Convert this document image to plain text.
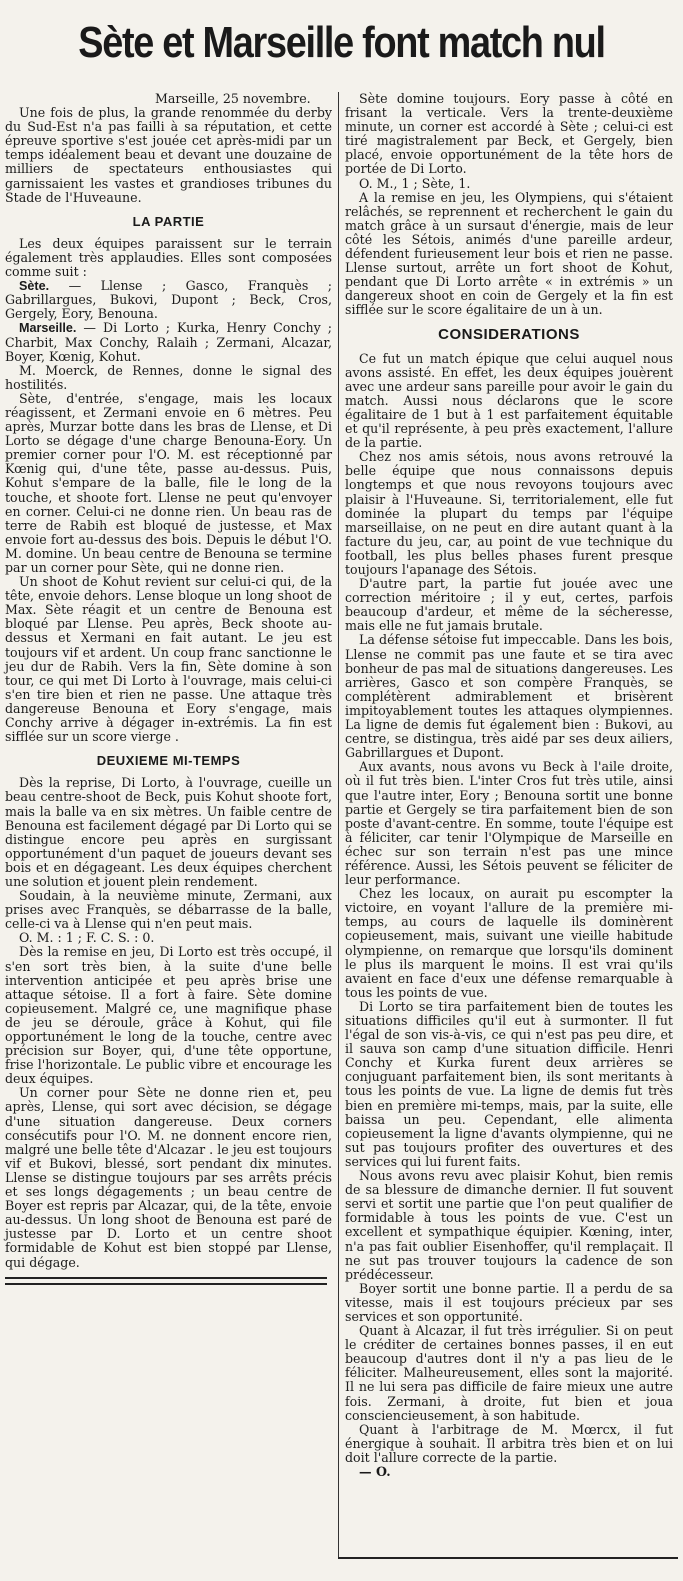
Sète et Marseille font match nul

Marseille, 25 novembre.

Une fois de plus, la grande renommée du derby du Sud-Est n'a pas failli à sa réputation, et cette épreuve sportive s'est jouée cet après-midi par un temps idéalement beau et devant une douzaine de milliers de spectateurs enthousiastes qui garnissaient les vastes et grandioses tribunes du Stade de l'Huveaune.

LA PARTIE

Les deux équipes paraissent sur le terrain également très applaudies. Elles sont composées comme suit :

Sète. — Llense ; Gasco, Franquès ; Gabrillargues, Bukovi, Dupont ; Beck, Cros, Gergely, Eory, Benouna.

Marseille. — Di Lorto ; Kurka, Henry Conchy ; Charbit, Max Conchy, Ralaih ; Zermani, Alcazar, Boyer, Kœnig, Kohut.

M. Moerck, de Rennes, donne le signal des hostilités.

Sète, d'entrée, s'engage, mais les locaux réagissent, et Zermani envoie en 6 mètres. Peu après, Murzar botte dans les bras de Llense, et Di Lorto se dégage d'une charge Benouna-Eory. Un premier corner pour l'O. M. est réceptionné par Kœnig qui, d'une tête, passe au-dessus. Puis, Kohut s'empare de la balle, file le long de la touche, et shoote fort. Llense ne peut qu'envoyer en corner. Celui-ci ne donne rien. Un beau ras de terre de Rabih est bloqué de justesse, et Max envoie fort au-dessus des bois. Depuis le début l'O. M. domine. Un beau centre de Benouna se termine par un corner pour Sète, qui ne donne rien.

Un shoot de Kohut revient sur celui-ci qui, de la tête, envoie dehors. Lense bloque un long shoot de Max. Sète réagit et un centre de Benouna est bloqué par Llense. Peu après, Beck shoote au-dessus et Xermani en fait autant. Le jeu est toujours vif et ardent. Un coup franc sanctionne le jeu dur de Rabih. Vers la fin, Sète domine à son tour, ce qui met Di Lorto à l'ouvrage, mais celui-ci s'en tire bien et rien ne passe. Une attaque très dangereuse Benouna et Eory s'engage, mais Conchy arrive à dégager in-extrémis. La fin est sifflée sur un score vierge .

DEUXIEME MI-TEMPS

Dès la reprise, Di Lorto, à l'ouvrage, cueille un beau centre-shoot de Beck, puis Kohut shoote fort, mais la balle va en six mètres. Un faible centre de Benouna est facilement dégagé par Di Lorto qui se distingue encore peu après en surgissant opportunément d'un paquet de joueurs devant ses bois et en dégageant. Les deux équipes cherchent une solution et jouent plein rendement.

Soudain, à la neuvième minute, Zermani, aux prises avec Franquès, se débarrasse de la balle, celle-ci va à Llense qui n'en peut mais.

O. M. : 1 ; F. C. S. : 0.

Dès la remise en jeu, Di Lorto est très occupé, il s'en sort très bien, à la suite d'une belle intervention anticipée et peu après brise une attaque sétoise. Il a fort à faire. Sète domine copieusement. Malgré ce, une magnifique phase de jeu se déroule, grâce à Kohut, qui file opportunément le long de la touche, centre avec précision sur Boyer, qui, d'une tête opportune, frise l'horizontale. Le public vibre et encourage les deux équipes.

Un corner pour Sète ne donne rien et, peu après, Llense, qui sort avec décision, se dégage d'une situation dangereuse. Deux corners consécutifs pour l'O. M. ne donnent encore rien, malgré une belle tête d'Alcazar . le jeu est toujours vif et Bukovi, blessé, sort pendant dix minutes. Llense se distingue toujours par ses arrêts précis et ses longs dégagements ; un beau centre de Boyer est repris par Alcazar, qui, de la tête, envoie au-dessus. Un long shoot de Benouna est paré de justesse par D. Lorto et un centre shoot formidable de Kohut est bien stoppé par Llense, qui dégage.

Sète domine toujours. Eory passe à côté en frisant la verticale. Vers la trente-deuxième minute, un corner est accordé à Sète ; celui-ci est tiré magistralement par Beck, et Gergely, bien placé, envoie opportunément de la tête hors de portée de Di Lorto.

O. M., 1 ; Sète, 1.

A la remise en jeu, les Olympiens, qui s'étaient relâchés, se reprennent et recherchent le gain du match grâce à un sursaut d'énergie, mais de leur côté les Sétois, animés d'une pareille ardeur, défendent furieusement leur bois et rien ne passe. Llense surtout, arrête un fort shoot de Kohut, pendant que Di Lorto arrête « in extrémis » un dangereux shoot en coin de Gergely et la fin est sifflée sur le score égalitaire de un à un.

CONSIDERATIONS

Ce fut un match épique que celui auquel nous avons assisté. En effet, les deux équipes jouèrent avec une ardeur sans pareille pour avoir le gain du match. Aussi nous déclarons que le score égalitaire de 1 but à 1 est parfaitement équitable et qu'il représente, à peu près exactement, l'allure de la partie.

Chez nos amis sétois, nous avons retrouvé la belle équipe que nous connaissons depuis longtemps et que nous revoyons toujours avec plaisir à l'Huveaune. Si, territorialement, elle fut dominée la plupart du temps par l'équipe marseillaise, on ne peut en dire autant quant à la facture du jeu, car, au point de vue technique du football, les plus belles phases furent presque toujours l'apanage des Sétois.

D'autre part, la partie fut jouée avec une correction méritoire ; il y eut, certes, parfois beaucoup d'ardeur, et même de la sécheresse, mais elle ne fut jamais brutale.

La défense sétoise fut impeccable. Dans les bois, Llense ne commit pas une faute et se tira avec bonheur de pas mal de situations dangereuses. Les arrières, Gasco et son compère Franquès, se complétèrent admirablement et brisèrent impitoyablement toutes les attaques olympiennes. La ligne de demis fut également bien : Bukovi, au centre, se distingua, très aidé par ses deux ailiers, Gabrillargues et Dupont.

Aux avants, nous avons vu Beck à l'aile droite, où il fut très bien. L'inter Cros fut très utile, ainsi que l'autre inter, Eory ; Benouna sortit une bonne partie et Gergely se tira parfaitement bien de son poste d'avant-centre. En somme, toute l'équipe est à féliciter, car tenir l'Olympique de Marseille en échec sur son terrain n'est pas une mince référence. Aussi, les Sétois peuvent se féliciter de leur performance.

Chez les locaux, on aurait pu escompter la victoire, en voyant l'allure de la première mi-temps, au cours de laquelle ils dominèrent copieusement, mais, suivant une vieille habitude olympienne, on remarque que lorsqu'ils dominent le plus ils marquent le moins. Il est vrai qu'ils avaient en face d'eux une défense remarquable à tous les points de vue.

Di Lorto se tira parfaitement bien de toutes les situations difficiles qu'il eut à surmonter. Il fut l'égal de son vis-à-vis, ce qui n'est pas peu dire, et il sauva son camp d'une situation difficile. Henri Conchy et Kurka furent deux arrières se conjuguant parfaitement bien, ils sont meritants à tous les points de vue. La ligne de demis fut très bien en première mi-temps, mais, par la suite, elle baissa un peu. Cependant, elle alimenta copieusement la ligne d'avants olympienne, qui ne sut pas toujours profiter des ouvertures et des services qui lui furent faits.

Nous avons revu avec plaisir Kohut, bien remis de sa blessure de dimanche dernier. Il fut souvent servi et sortit une partie que l'on peut qualifier de formidable à tous les points de vue. C'est un excellent et sympathique équipier. Kœning, inter, n'a pas fait oublier Eisenhoffer, qu'il remplaçait. Il ne sut pas trouver toujours la cadence de son prédécesseur.

Boyer sortit une bonne partie. Il a perdu de sa vitesse, mais il est toujours précieux par ses services et son opportunité.

Quant à Alcazar, il fut très irrégulier. Si on peut le créditer de certaines bonnes passes, il en eut beaucoup d'autres dont il n'y a pas lieu de le féliciter. Malheureusement, elles sont la majorité. Il ne lui sera pas difficile de faire mieux une autre fois. Zermani, à droite, fut bien et joua consciencieusement, à son habitude.

Quant à l'arbitrage de M. Mœrcx, il fut énergique à souhait. Il arbitra très bien et on lui doit l'allure correcte de la partie.

— O.
